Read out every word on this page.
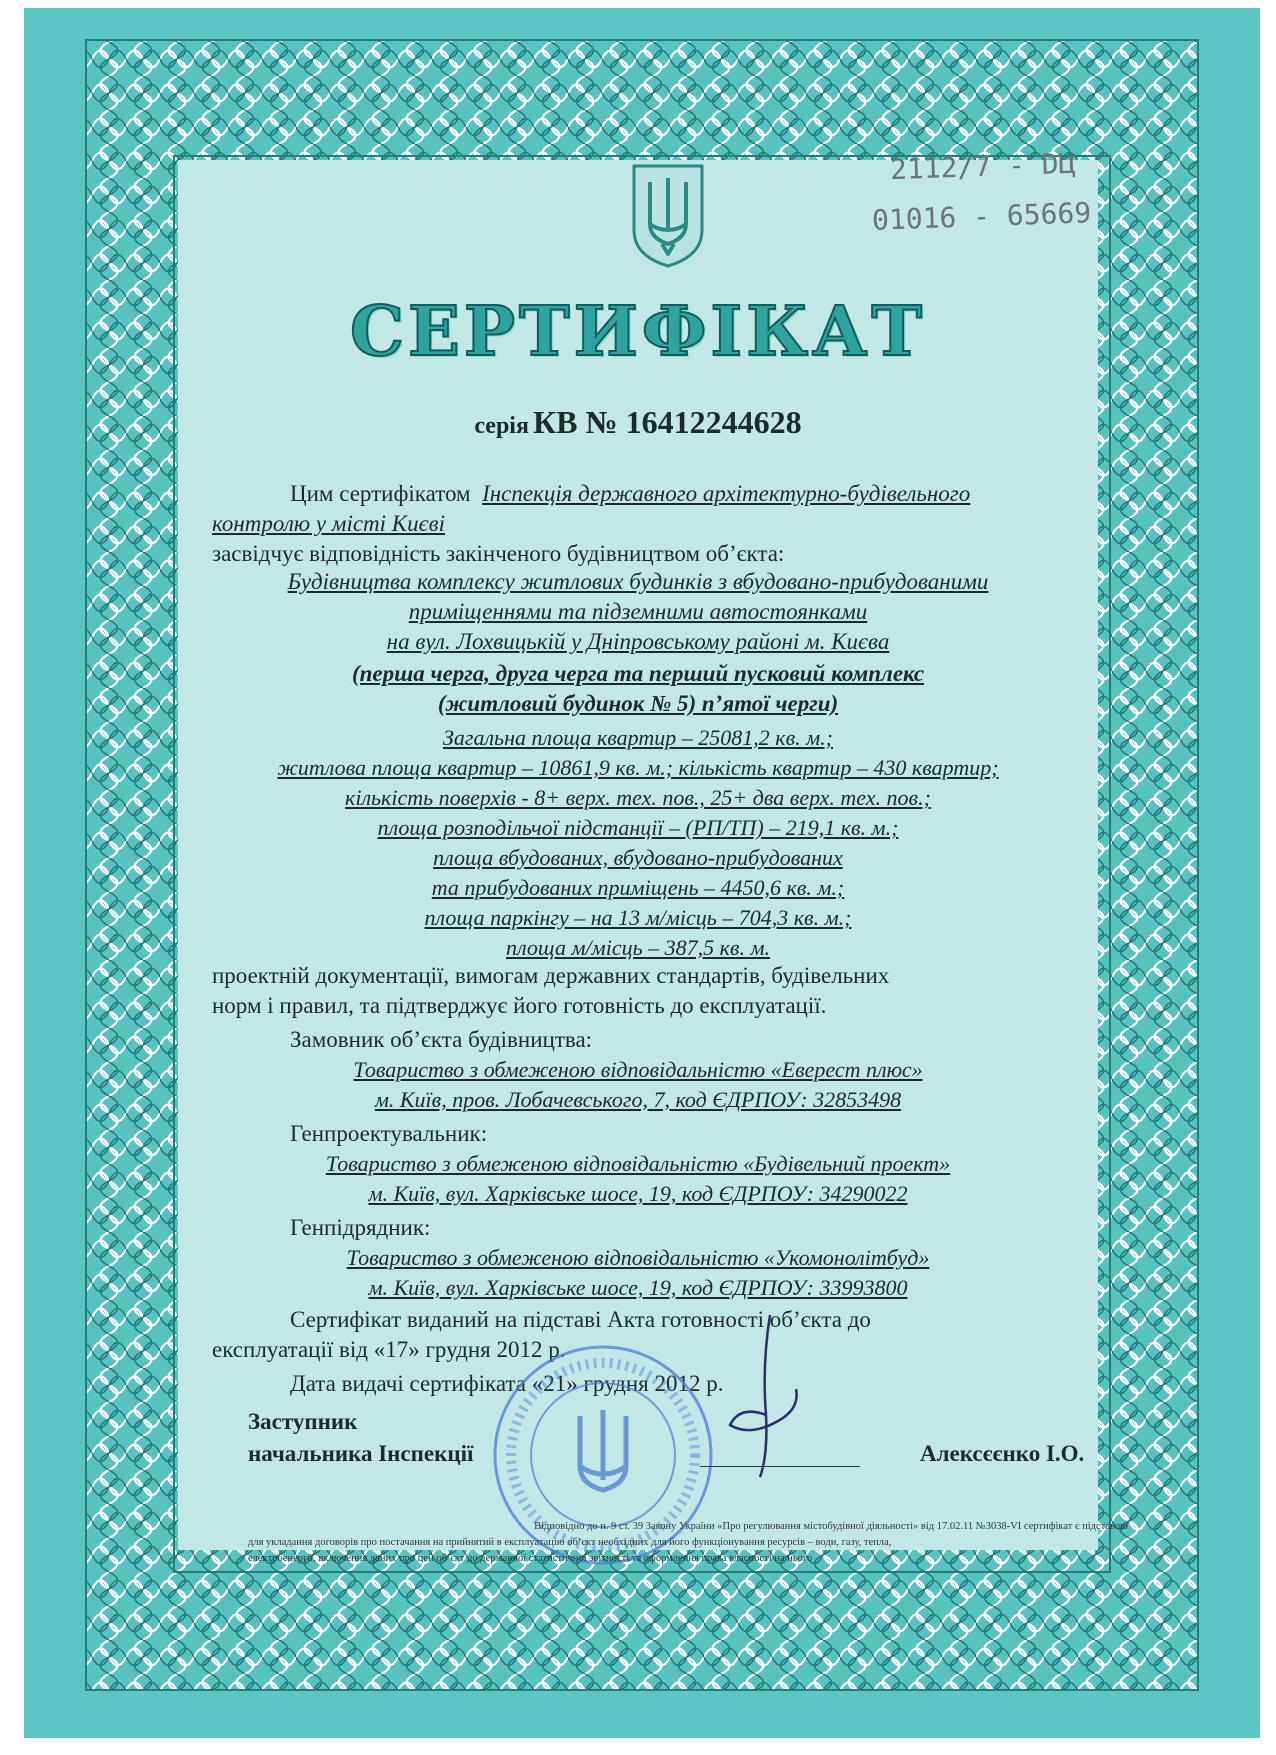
2112/7 - DЦ
01016 - 65669
СЕРТИФІКАТ
серія КВ № 16412244628
Цим сертифікатом Інспекція державного архітектурно-будівельного
контролю у місті Києві
засвідчує відповідність закінченого будівництвом об’єкта:
Будівництва комплексу житлових будинків з вбудовано-прибудованими
приміщеннями та підземними автостоянками
на вул. Лохвицькій у Дніпровському районі м. Києва
(перша черга, друга черга та перший пусковий комплекс
(житловий будинок № 5) п’ятої черги)
Загальна площа квартир – 25081,2 кв. м.;
житлова площа квартир – 10861,9 кв. м.; кількість квартир – 430 квартир;
кількість поверхів - 8+ верх. тех. пов., 25+ два верх. тех. пов.;
площа розподільчої підстанції – (РП/ТП) – 219,1 кв. м.;
площа вбудованих, вбудовано-прибудованих
та прибудованих приміщень – 4450,6 кв. м.;
площа паркінгу – на 13 м/місць – 704,3 кв. м.;
площа м/місць – 387,5 кв. м.
проектній документації, вимогам державних стандартів, будівельних
норм і правил, та підтверджує його готовність до експлуатації.
Замовник об’єкта будівництва:
Товариство з обмеженою відповідальністю «Еверест плюс»
м. Київ, пров. Лобачевського, 7, код ЄДРПОУ: 32853498
Генпроектувальник:
Товариство з обмеженою відповідальністю «Будівельний проект»
м. Київ, вул. Харківське шосе, 19, код ЄДРПОУ: 34290022
Генпідрядник:
Товариство з обмеженою відповідальністю «Укомонолітбуд»
м. Київ, вул. Харківське шосе, 19, код ЄДРПОУ: 33993800
Сертифікат виданий на підставі Акта готовності об’єкта до
експлуатації від «17» грудня 2012 р.
Дата видачі сертифіката «21» грудня 2012 р.
Заступник
начальника Інспекції	Алексєєнко І.О.
Відповідно до п. 9 ст. 39 Закону України «Про регулювання містобудівної діяльності» від 17.02.11 №3038-VI сертифікат є підставою
для укладання договорів про постачання на прийнятий в експлуатацію об’єкт необхідних для його функціонування ресурсів – води, газу, тепла,
електроенергії, включення даних про цей об’єкт до державної статистичної звітності та оформлення права власності на нього
